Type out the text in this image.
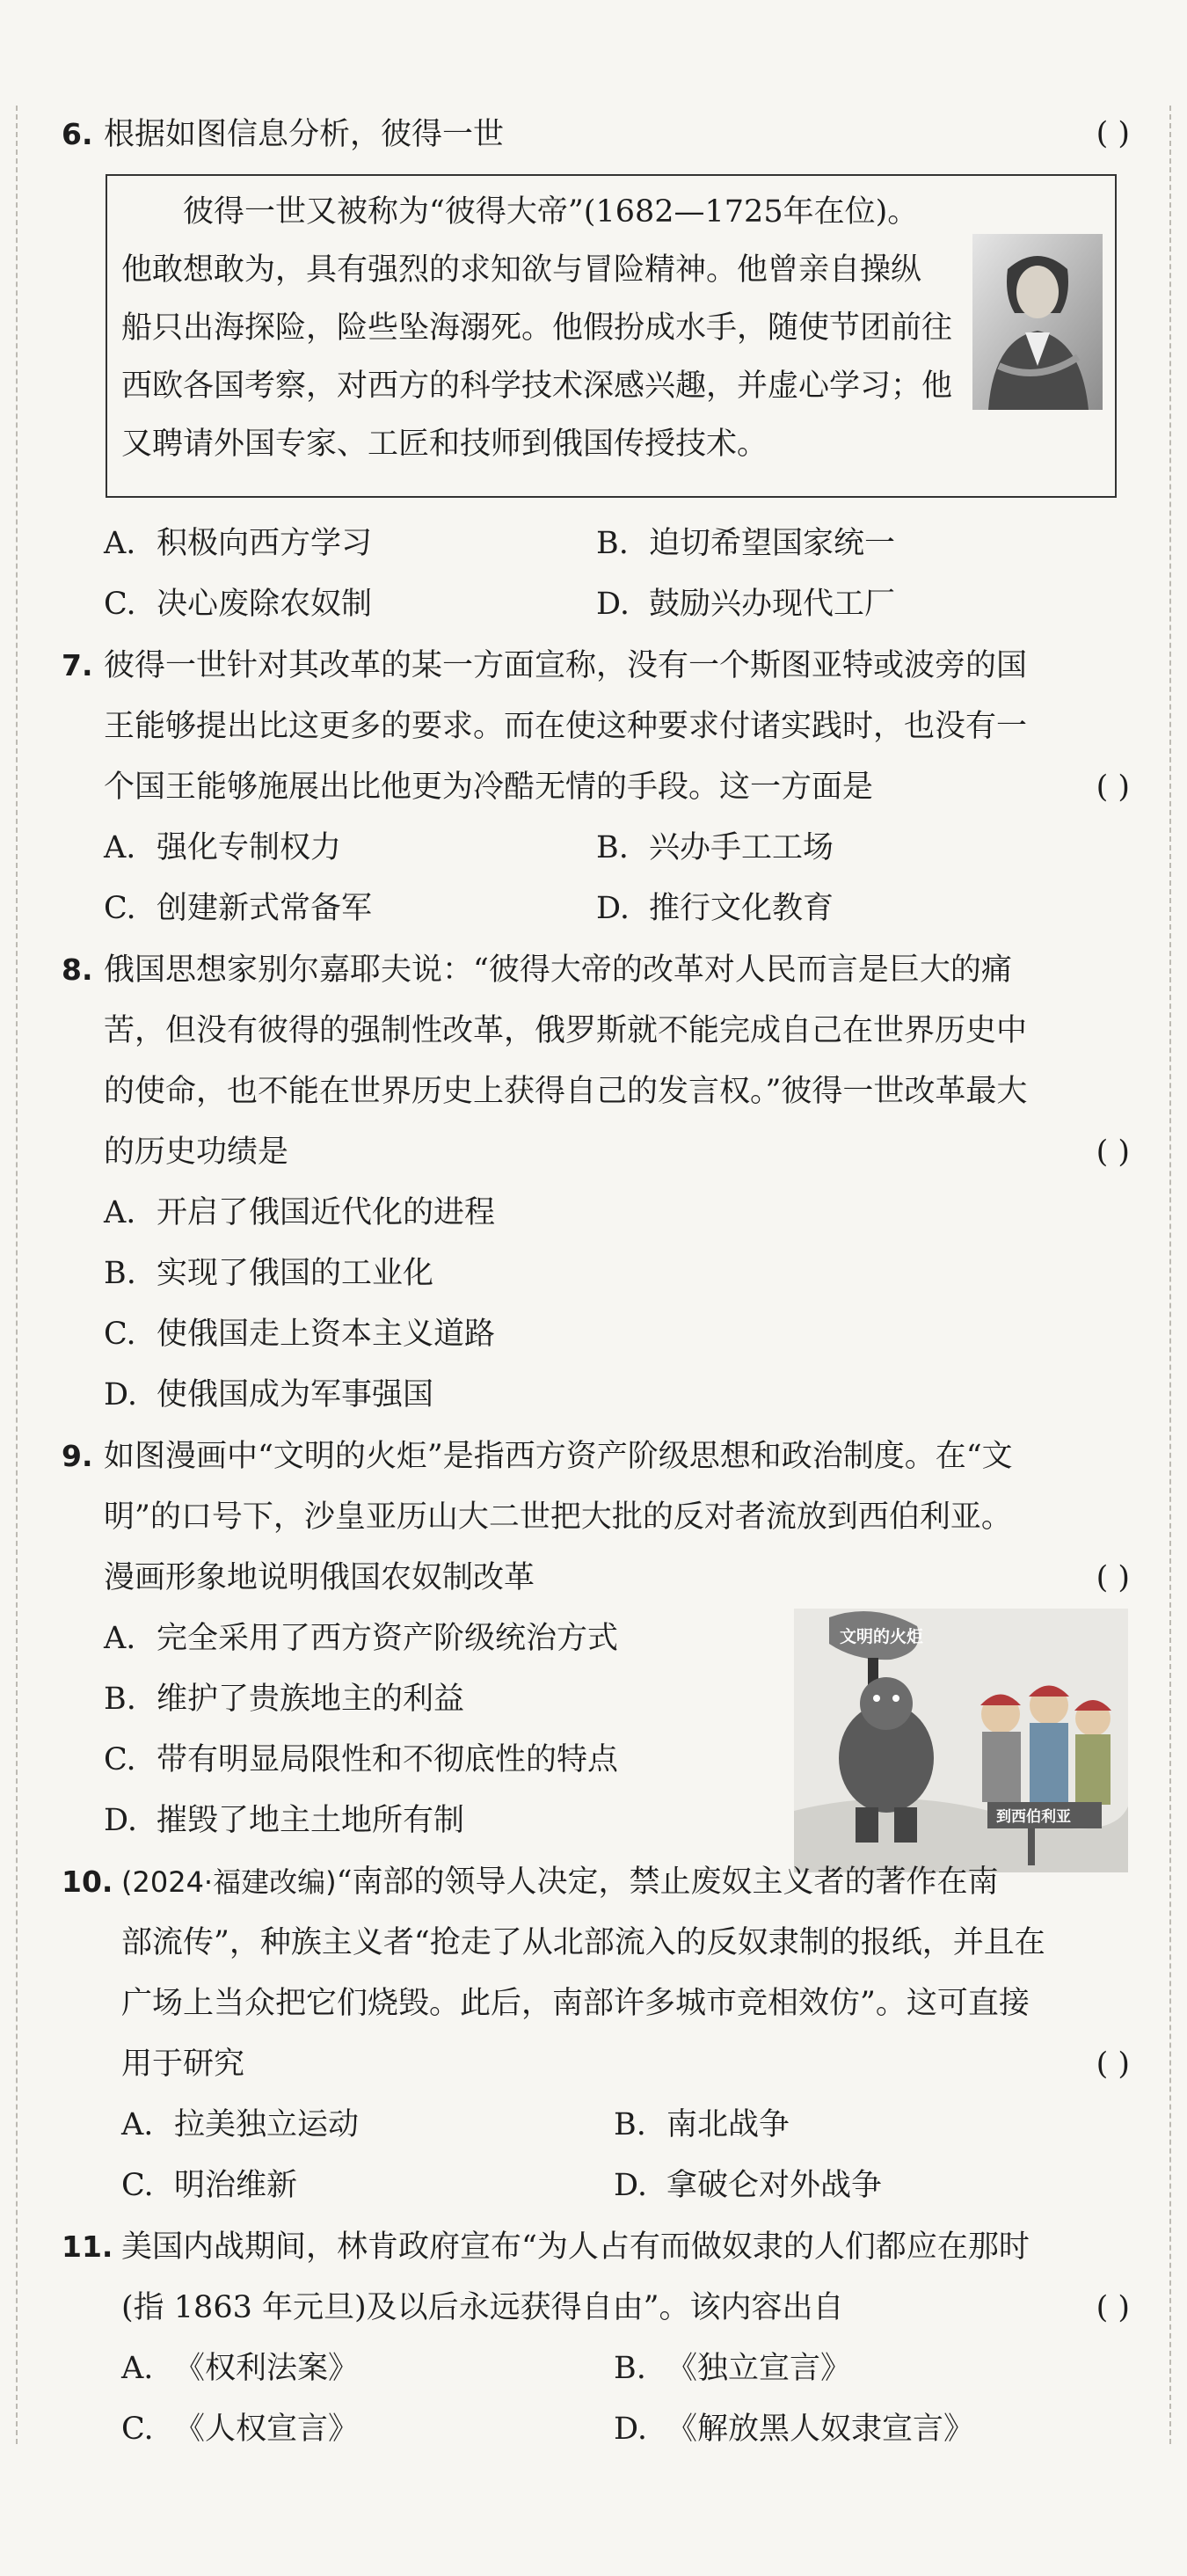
6. 根据如图信息分析，彼得一世	( )

彼得一世又被称为“彼得大帝”(1682—1725年在位)。

他敢想敢为，具有强烈的求知欲与冒险精神。他曾亲自操纵

船只出海探险，险些坠海溺死。他假扮成水手，随使节团前往

西欧各国考察，对西方的科学技术深感兴趣，并虚心学习；他

又聘请外国专家、工匠和技师到俄国传授技术。

A. 积极向西方学习	B. 迫切希望国家统一
C. 决心废除农奴制	D. 鼓励兴办现代工厂
7. 彼得一世针对其改革的某一方面宣称，没有一个斯图亚特或波旁的国
王能够提出比这更多的要求。而在使这种要求付诸实践时，也没有一
个国王能够施展出比他更为冷酷无情的手段。这一方面是	( )
A. 强化专制权力	B. 兴办手工工场
C. 创建新式常备军	D. 推行文化教育
8. 俄国思想家别尔嘉耶夫说：“彼得大帝的改革对人民而言是巨大的痛
苦，但没有彼得的强制性改革，俄罗斯就不能完成自己在世界历史中
的使命，也不能在世界历史上获得自己的发言权。”彼得一世改革最大
的历史功绩是	( )
A. 开启了俄国近代化的进程
B. 实现了俄国的工业化
C. 使俄国走上资本主义道路
D. 使俄国成为军事强国
9. 如图漫画中“文明的火炬”是指西方资产阶级思想和政治制度。在“文
明”的口号下，沙皇亚历山大二世把大批的反对者流放到西伯利亚。
漫画形象地说明俄国农奴制改革	( )
A. 完全采用了西方资产阶级统治方式
B. 维护了贵族地主的利益
C. 带有明显局限性和不彻底性的特点
D. 摧毁了地主土地所有制
文明的火炬
到西伯利亚
10. (2024·福建改编)“南部的领导人决定，禁止废奴主义者的著作在南
部流传”，种族主义者“抢走了从北部流入的反奴隶制的报纸，并且在
广场上当众把它们烧毁。此后，南部许多城市竞相效仿”。这可直接
用于研究	( )
A. 拉美独立运动	B. 南北战争
C. 明治维新	D. 拿破仑对外战争
11. 美国内战期间，林肯政府宣布“为人占有而做奴隶的人们都应在那时
(指 1863 年元旦)及以后永远获得自由”。该内容出自	( )
A. 《权利法案》	B. 《独立宣言》
C. 《人权宣言》	D. 《解放黑人奴隶宣言》
